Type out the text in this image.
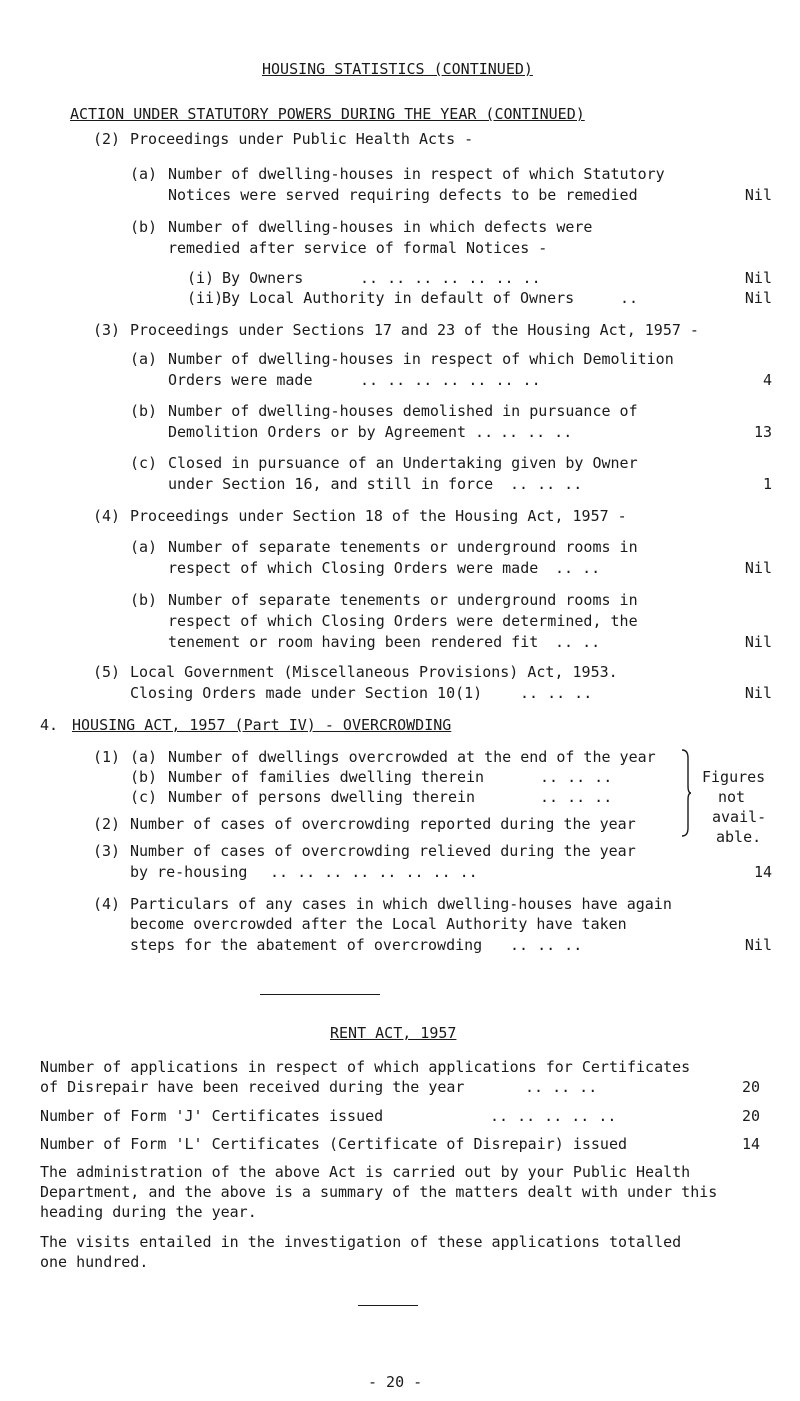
HOUSING STATISTICS (CONTINUED)
ACTION UNDER STATUTORY POWERS DURING THE YEAR (CONTINUED)
(2) Proceedings under Public Health Acts -
(a) Number of dwelling-houses in respect of which Statutory
Notices were served requiring defects to be remedied	Nil
(b) Number of dwelling-houses in which defects were
remedied after service of formal Notices -
(i) By Owners	.. .. .. .. .. .. ..	Nil
(ii)
By Local Authority in default of Owners	..	Nil
(3) Proceedings under Sections 17 and 23 of the Housing Act, 1957 -
(a) Number of dwelling-houses in respect of which Demolition
Orders were made	.. .. .. .. .. .. ..	4
(b) Number of dwelling-houses demolished in pursuance of
Demolition Orders or by Agreement .. .. .. ..	13
(c) Closed in pursuance of an Undertaking given by Owner
under Section 16, and still in force .. .. ..	1
(4) Proceedings under Section 18 of the Housing Act, 1957 -
(a) Number of separate tenements or underground rooms in
respect of which Closing Orders were made .. ..	Nil
(b) Number of separate tenements or underground rooms in
respect of which Closing Orders were determined, the
tenement or room having been rendered fit .. ..	Nil
(5) Local Government (Miscellaneous Provisions) Act, 1953.
Closing Orders made under Section 10(1)	.. .. ..	Nil
4. HOUSING ACT, 1957 (Part IV) - OVERCROWDING
(1) (a) Number of dwellings overcrowded at the end of the year
(b) Number of families dwelling therein	.. .. ..
(c) Number of persons dwelling therein	.. .. ..
(2) Number of cases of overcrowding reported during the year
Figures
not
avail-
able.
(3) Number of cases of overcrowding relieved during the year
by re-housing .. .. .. .. .. .. .. ..	14
(4) Particulars of any cases in which dwelling-houses have again
become overcrowded after the Local Authority have taken
steps for the abatement of overcrowding .. .. ..	Nil
RENT ACT, 1957
Number of applications in respect of which applications for Certificates
of Disrepair have been received during the year	.. .. ..	20
Number of Form 'J' Certificates issued	.. .. .. .. ..	20
Number of Form 'L' Certificates (Certificate of Disrepair) issued	14
The administration of the above Act is carried out by your Public Health
Department, and the above is a summary of the matters dealt with under this
heading during the year.
The visits entailed in the investigation of these applications totalled
one hundred.
- 20 -
